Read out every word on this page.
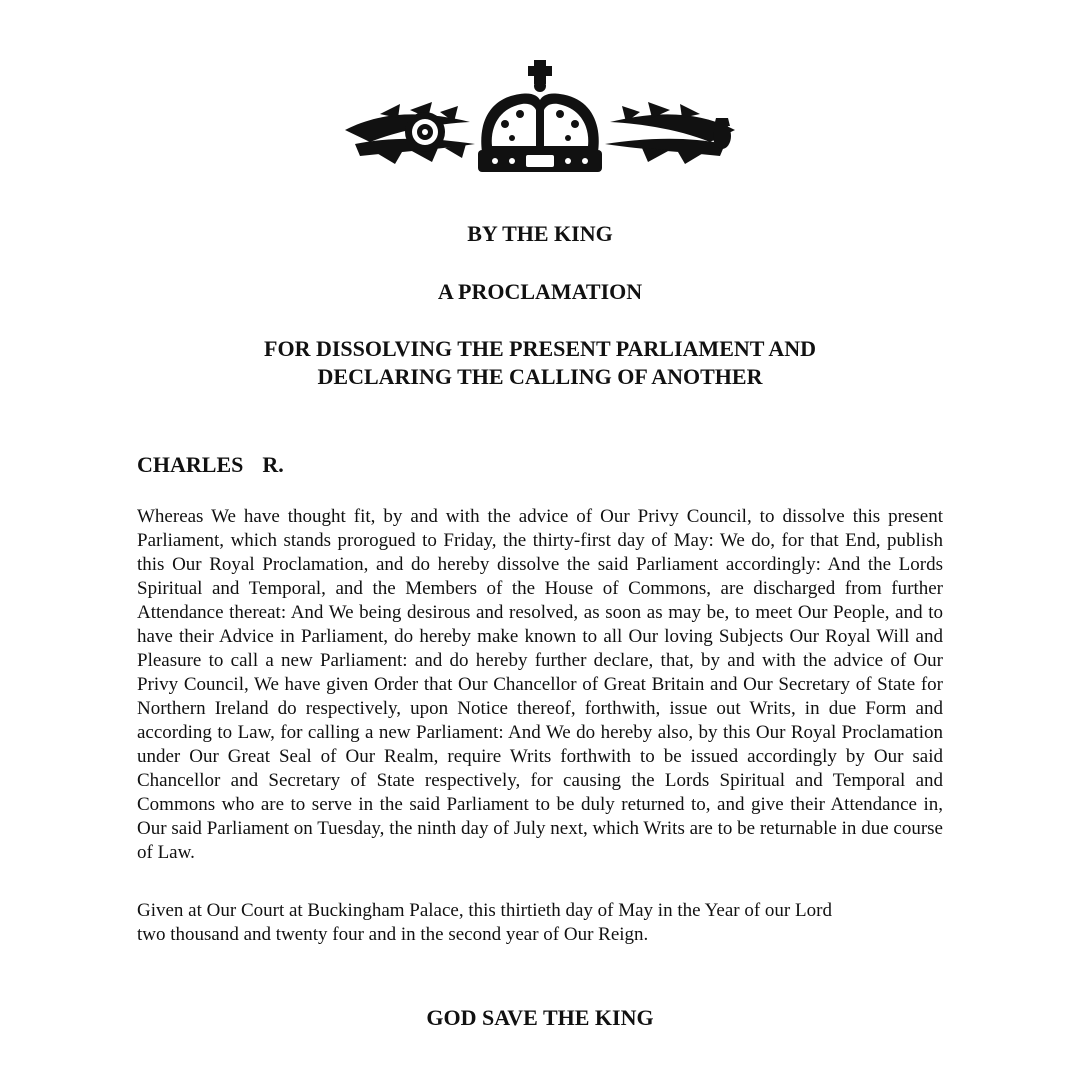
BY THE KING

A PROCLAMATION

FOR DISSOLVING THE PRESENT PARLIAMENT AND
DECLARING THE CALLING OF ANOTHER

CHARLES  R.

Whereas We have thought fit, by and with the advice of Our Privy Council, to dissolve this present Parliament, which stands prorogued to Friday, the thirty-first day of May: We do, for that End, publish this Our Royal Proclamation, and do hereby dissolve the said Parliament accordingly: And the Lords Spiritual and Temporal, and the Members of the House of Commons, are discharged from further Attendance thereat: And We being desirous and resolved, as soon as may be, to meet Our People, and to have their Advice in Parliament, do hereby make known to all Our loving Subjects Our Royal Will and Pleasure to call a new Parliament: and do hereby further declare, that, by and with the advice of Our Privy Council, We have given Order that Our Chancellor of Great Britain and Our Secretary of State for Northern Ireland do respectively, upon Notice thereof, forthwith, issue out Writs, in due Form and according to Law, for calling a new Parliament: And We do hereby also, by this Our Royal Proclamation under Our Great Seal of Our Realm, require Writs forthwith to be issued accordingly by Our said Chancellor and Secretary of State respectively, for causing the Lords Spiritual and Temporal and Commons who are to serve in the said Parliament to be duly returned to, and give their Attendance in, Our said Parliament on Tuesday, the ninth day of July next, which Writs are to be returnable in due course of Law.

Given at Our Court at Buckingham Palace, this thirtieth day of May in the Year of our Lord
two thousand and twenty four and in the second year of Our Reign.

GOD SAVE THE KING
